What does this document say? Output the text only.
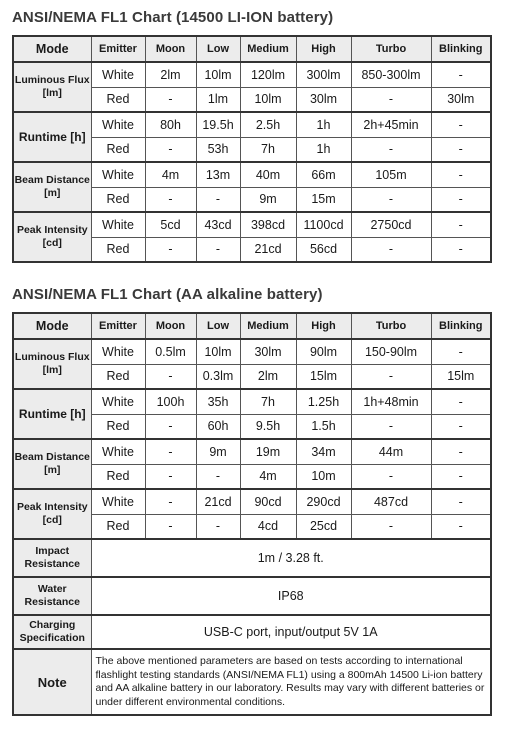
ANSI/NEMA FL1 Chart (14500 LI-ION battery)
Mode	Emitter	Moon	Low	Medium	High	Turbo	Blinking
Luminous Flux [lm]	White	2lm	10lm	120lm	300lm	850-300lm	-
	Red	-	1lm	10lm	30lm	-	30lm
Runtime [h]	White	80h	19.5h	2.5h	1h	2h+45min	-
	Red	-	53h	7h	1h	-	-
Beam Distance [m]	White	4m	13m	40m	66m	105m	-
	Red	-	-	9m	15m	-	-
Peak Intensity [cd]	White	5cd	43cd	398cd	1100cd	2750cd	-
	Red	-	-	21cd	56cd	-	-
ANSI/NEMA FL1 Chart (AA alkaline battery)
Mode	Emitter	Moon	Low	Medium	High	Turbo	Blinking
Luminous Flux [lm]	White	0.5lm	10lm	30lm	90lm	150-90lm	-
	Red	-	0.3lm	2lm	15lm	-	15lm
Runtime [h]	White	100h	35h	7h	1.25h	1h+48min	-
	Red	-	60h	9.5h	1.5h	-	-
Beam Distance [m]	White	-	9m	19m	34m	44m	-
	Red	-	-	4m	10m	-	-
Peak Intensity [cd]	White	-	21cd	90cd	290cd	487cd	-
	Red	-	-	4cd	25cd	-	-
Impact Resistance	1m / 3.28 ft.						
Water Resistance	IP68						
Charging Specification	USB-C port, input/output 5V 1A						
Note	The above mentioned parameters are based on tests according to international flashlight testing standards (ANSI/NEMA FL1) using a 800mAh 14500 Li-ion battery and AA alkaline battery in our laboratory. Results may vary with different batteries or under different environmental conditions.						
